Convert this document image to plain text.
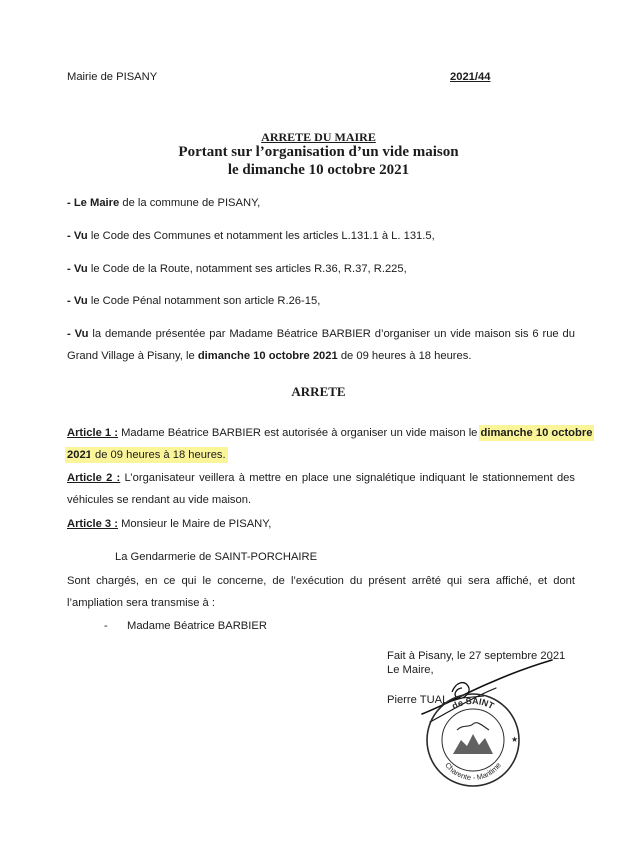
Mairie de PISANY	2021/44
ARRETE DU MAIRE
Portant sur l’organisation d’un vide maison
le dimanche 10 octobre 2021
- Le Maire de la commune de PISANY,
- Vu le Code des Communes et notamment les articles L.131.1 à L. 131.5,
- Vu le Code de la Route, notamment ses articles R.36, R.37, R.225,
- Vu le Code Pénal notamment son article R.26-15,
- Vu la demande présentée par Madame Béatrice BARBIER d’organiser un vide maison sis 6 rue du
Grand Village à Pisany, le dimanche 10 octobre 2021 de 09 heures à 18 heures.
ARRETE
Article 1 : Madame Béatrice BARBIER est autorisée à organiser un vide maison le dimanche 10 octobre
2021 de 09 heures à 18 heures.
Article 2 : L’organisateur veillera à mettre en place une signalétique indiquant le stationnement des
véhicules se rendant au vide maison.
Article 3 : Monsieur le Maire de PISANY,
La Gendarmerie de SAINT-PORCHAIRE
Sont chargés, en ce qui le concerne, de l’exécution du présent arrêté qui sera affiché, et dont
l’ampliation sera transmise à :
- Madame Béatrice BARBIER
Fait à Pisany, le 27 septembre 2021
Le Maire,
Pierre TUAL de SAINT
Charente - Maritime
★
